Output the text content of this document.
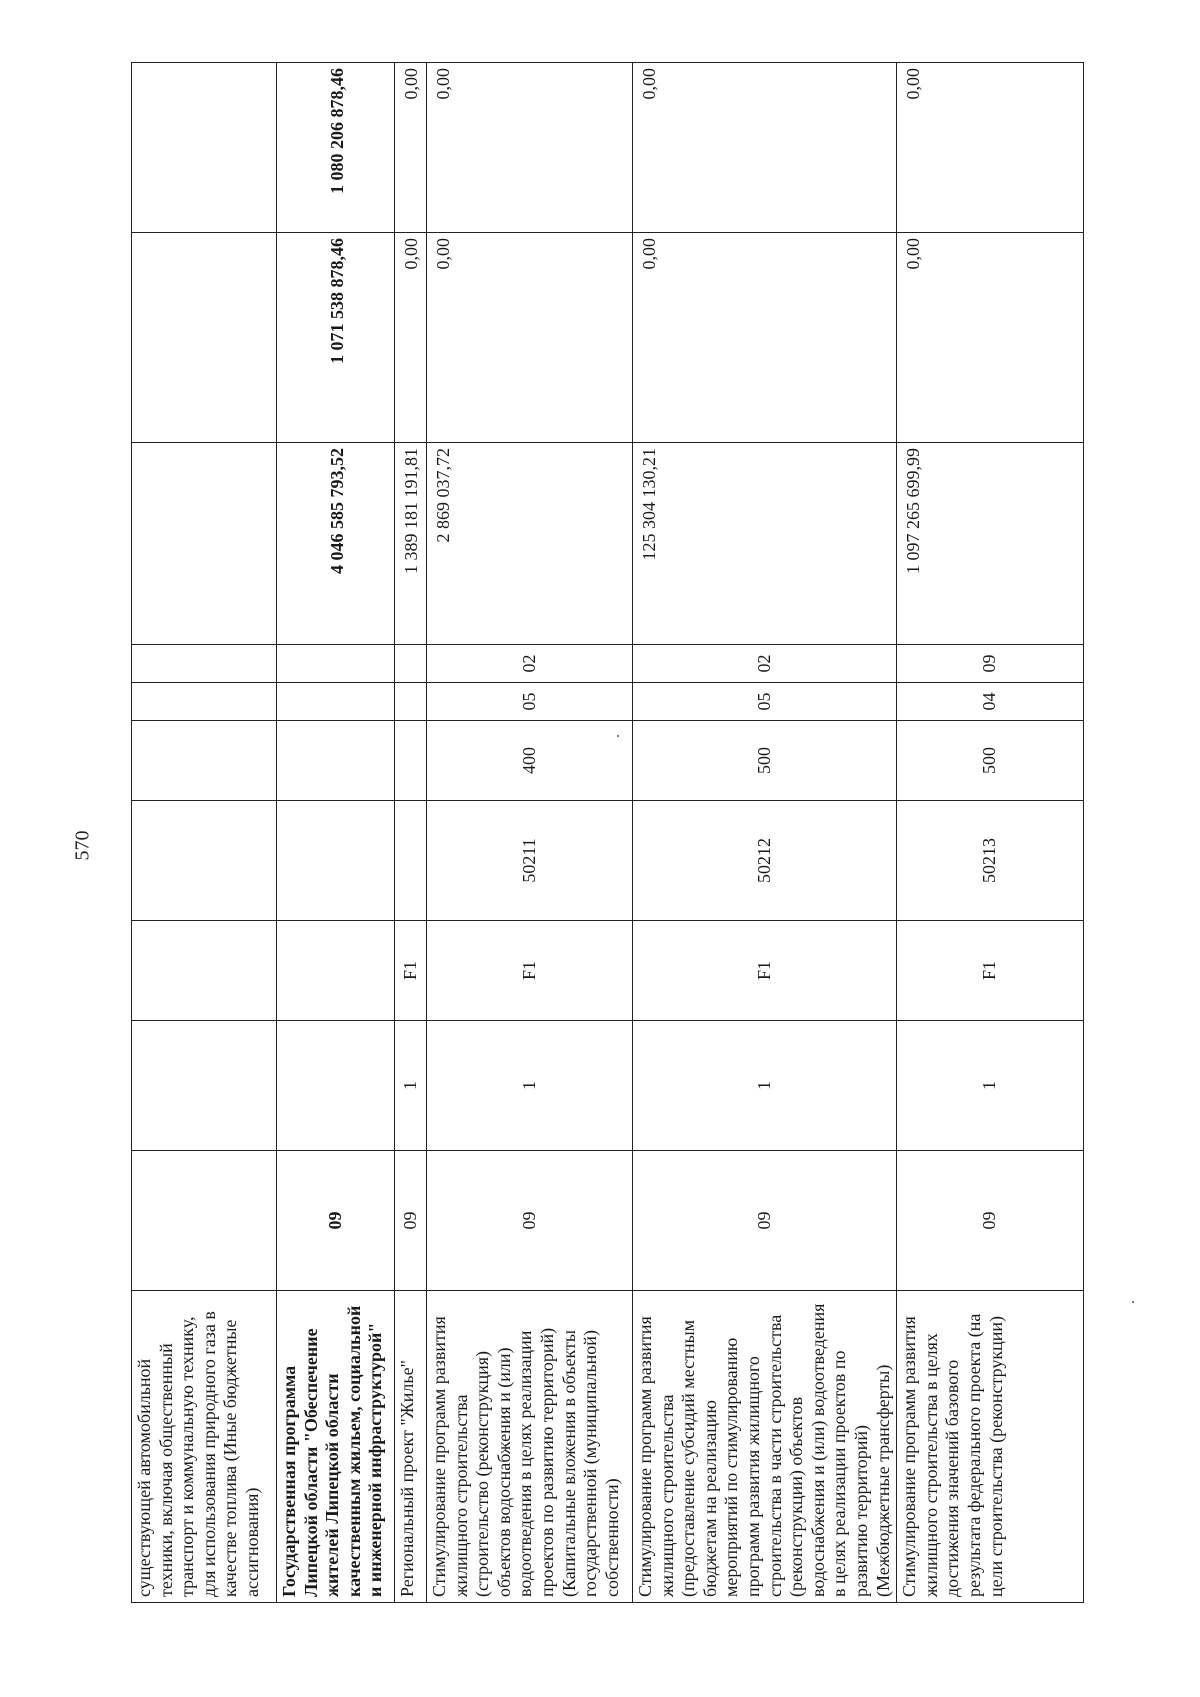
570
существующей автомобильной техники, включая общественный транспорт и коммунальную технику, для использования природного газа в качестве топлива (Иные бюджетные ассигнования)										
Государственная программа Липецкой области "Обеспечение жителей Липецкой области качественным жильем, социальной и инженерной инфраструктурой"	09							4 046 585 793,52	1 071 538 878,46	1 080 206 878,46
Региональный проект "Жилье"	09	1	F1					1 389 181 191,81	0,00	0,00
Стимулирование программ развития жилищного строительства (строительство (реконструкция) объектов водоснабжения и (или) водоотведения в целях реализации проектов по развитию территорий) (Капитальные вложения в объекты государственной (муниципальной) собственности)	09	1	F1	50211	400	05	02	2 869 037,72	0,00	0,00
Стимулирование программ развития жилищного строительства (предоставление субсидий местным бюджетам на реализацию мероприятий по стимулированию программ развития жилищного строительства в части строительства (реконструкции) объектов водоснабжения и (или) водоотведения в целях реализации проектов по развитию территорий) (Межбюджетные трансферты)	09	1	F1	50212	500	05	02	125 304 130,21	0,00	0,00
Стимулирование программ развития жилищного строительства в целях достижения значений базового результата федерального проекта (на цели строительства (реконструкции)	09	1	F1	50213	500	04	09	1 097 265 699,99	0,00	0,00
